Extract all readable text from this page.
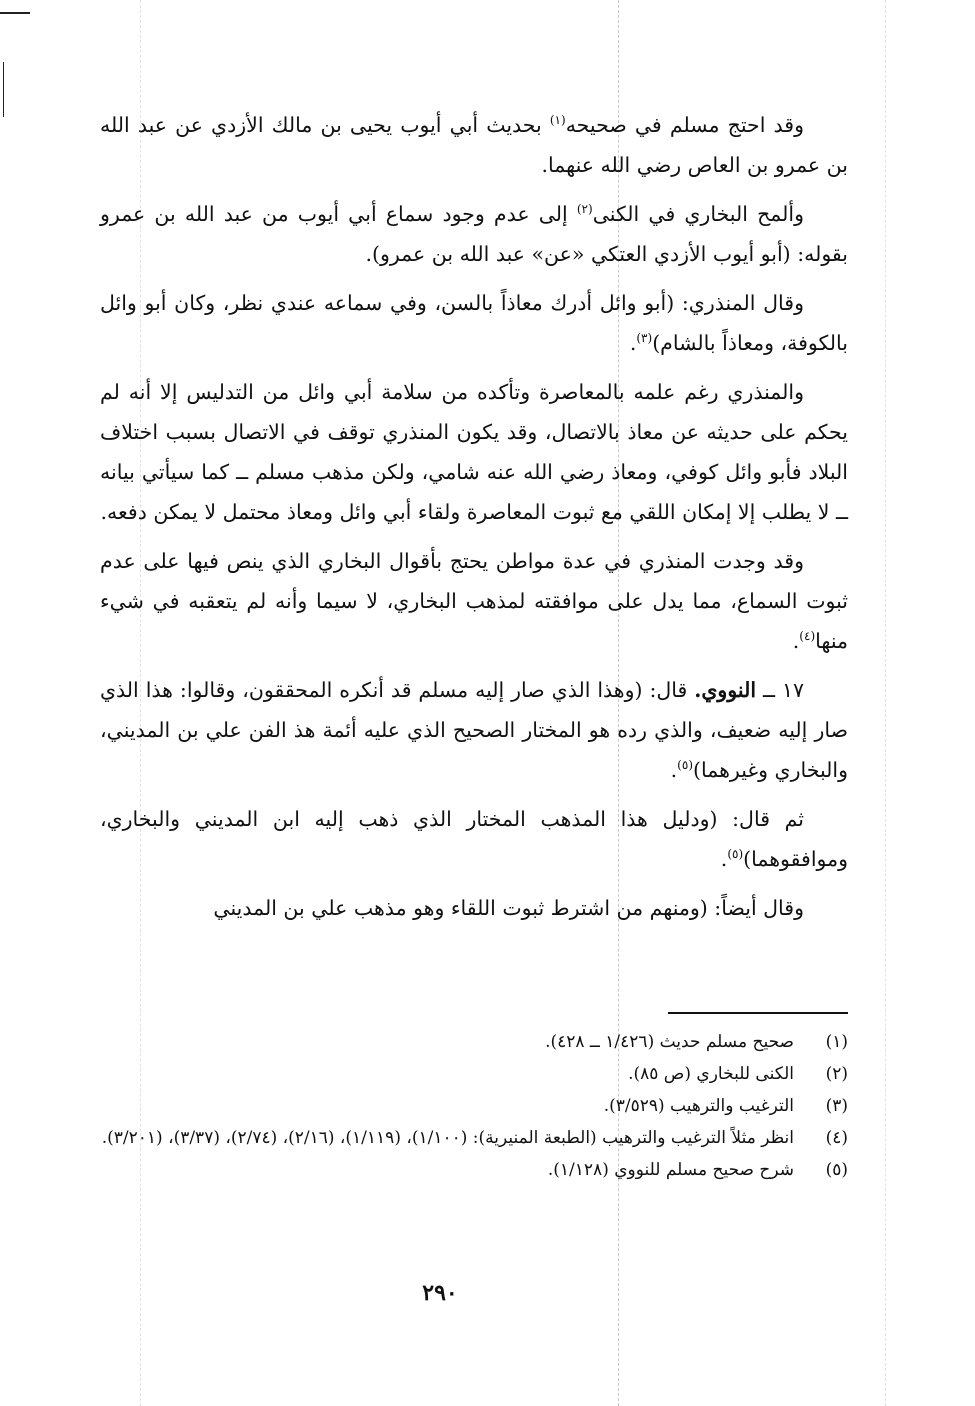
وقد احتج مسلم في صحيحه$^{(١)}$ بحديث أبي أيوب يحيى بن مالك الأزدي عن عبد الله بن عمرو بن العاص رضي الله عنهما.

وألمح البخاري في الكنى$^{(٢)}$ إلى عدم وجود سماع أبي أيوب من عبد الله بن عمرو بقوله: (أبو أيوب الأزدي العتكي «عن» عبد الله بن عمرو).

وقال المنذري: (أبو وائل أدرك معاذاً بالسن، وفي سماعه عندي نظر، وكان أبو وائل بالكوفة، ومعاذاً بالشام)$^{(٣)}$.

والمنذري رغم علمه بالمعاصرة وتأكده من سلامة أبي وائل من التدليس إلا أنه لم يحكم على حديثه عن معاذ بالاتصال، وقد يكون المنذري توقف في الاتصال بسبب اختلاف البلاد فأبو وائل كوفي، ومعاذ رضي الله عنه شامي، ولكن مذهب مسلم ــ كما سيأتي بيانه ــ لا يطلب إلا إمكان اللقي مع ثبوت المعاصرة ولقاء أبي وائل ومعاذ محتمل لا يمكن دفعه.

وقد وجدت المنذري في عدة مواطن يحتج بأقوال البخاري الذي ينص فيها على عدم ثبوت السماع، مما يدل على موافقته لمذهب البخاري، لا سيما وأنه لم يتعقبه في شيء منها$^{(٤)}$.

١٧ ــ النووي. قال: (وهذا الذي صار إليه مسلم قد أنكره المحققون، وقالوا: هذا الذي صار إليه ضعيف، والذي رده هو المختار الصحيح الذي عليه أئمة هذ الفن علي بن المديني، والبخاري وغيرهما)$^{(٥)}$.

ثم قال: (ودليل هذا المذهب المختار الذي ذهب إليه ابن المديني والبخاري، وموافقوهما)$^{(٥)}$.

وقال أيضاً: (ومنهم من اشترط ثبوت اللقاء وهو مذهب علي بن المديني

(١)
صحيح مسلم حديث (١/٤٢٦ ــ ٤٢٨).
(٢)
الكنى للبخاري (ص ٨٥).
(٣)
الترغيب والترهيب (٣/٥٢٩).
(٤)
انظر مثلاً الترغيب والترهيب (الطبعة المنيرية): (١/١٠٠)، (١/١١٩)، (٢/١٦)، (٢/٧٤)، (٣/٣٧)، (٣/٢٠١).
(٥)
شرح صحيح مسلم للنووي (١/١٢٨).
٢٩٠
